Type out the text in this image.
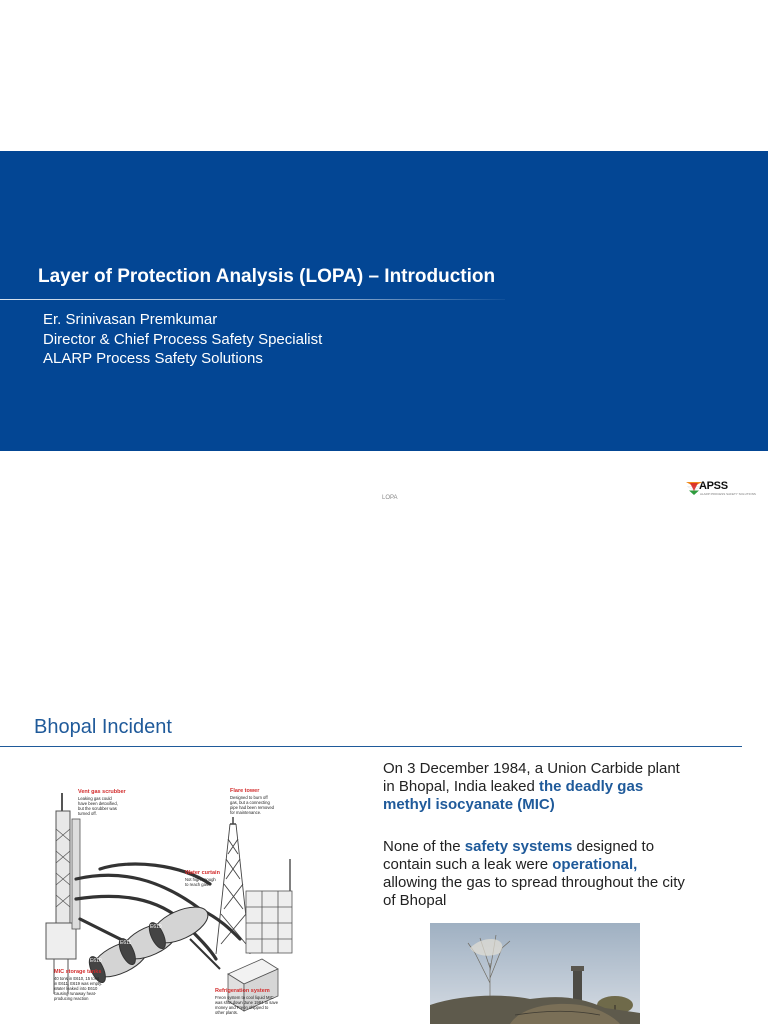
Layer of Protection Analysis (LOPA) – Introduction
Er. Srinivasan Premkumar
Director & Chief Process Safety Specialist
ALARP Process Safety Solutions
LOPA
APSS
ALARP PROCESS SAFETY SOLUTIONS
Bhopal Incident
E610
E611
E619
Flare tower
Designed to burn off
gas, but a connecting
pipe had been removed
for maintenance.
Vent gas scrubber
Leaking gas could
have been detoxified,
but the scrubber was
turned off.
Water curtain
Not high enough
to reach gas.
MIC storage tanks
40 tons in E610, 15 tons
in E611, E619 was empty.
Water leaked into E610
causing runaway heat-
producing reaction
Refrigeration system
Freon system to cool liquid MIC
was shut down June 1984 to save
money and Freon shipped to
other plants.
On 3 December 1984, a Union Carbide plant in Bhopal, India leaked the deadly gas methyl isocyanate (MIC)
None of the safety systems designed to contain such a leak were operational, allowing the gas to spread throughout the city of Bhopal
